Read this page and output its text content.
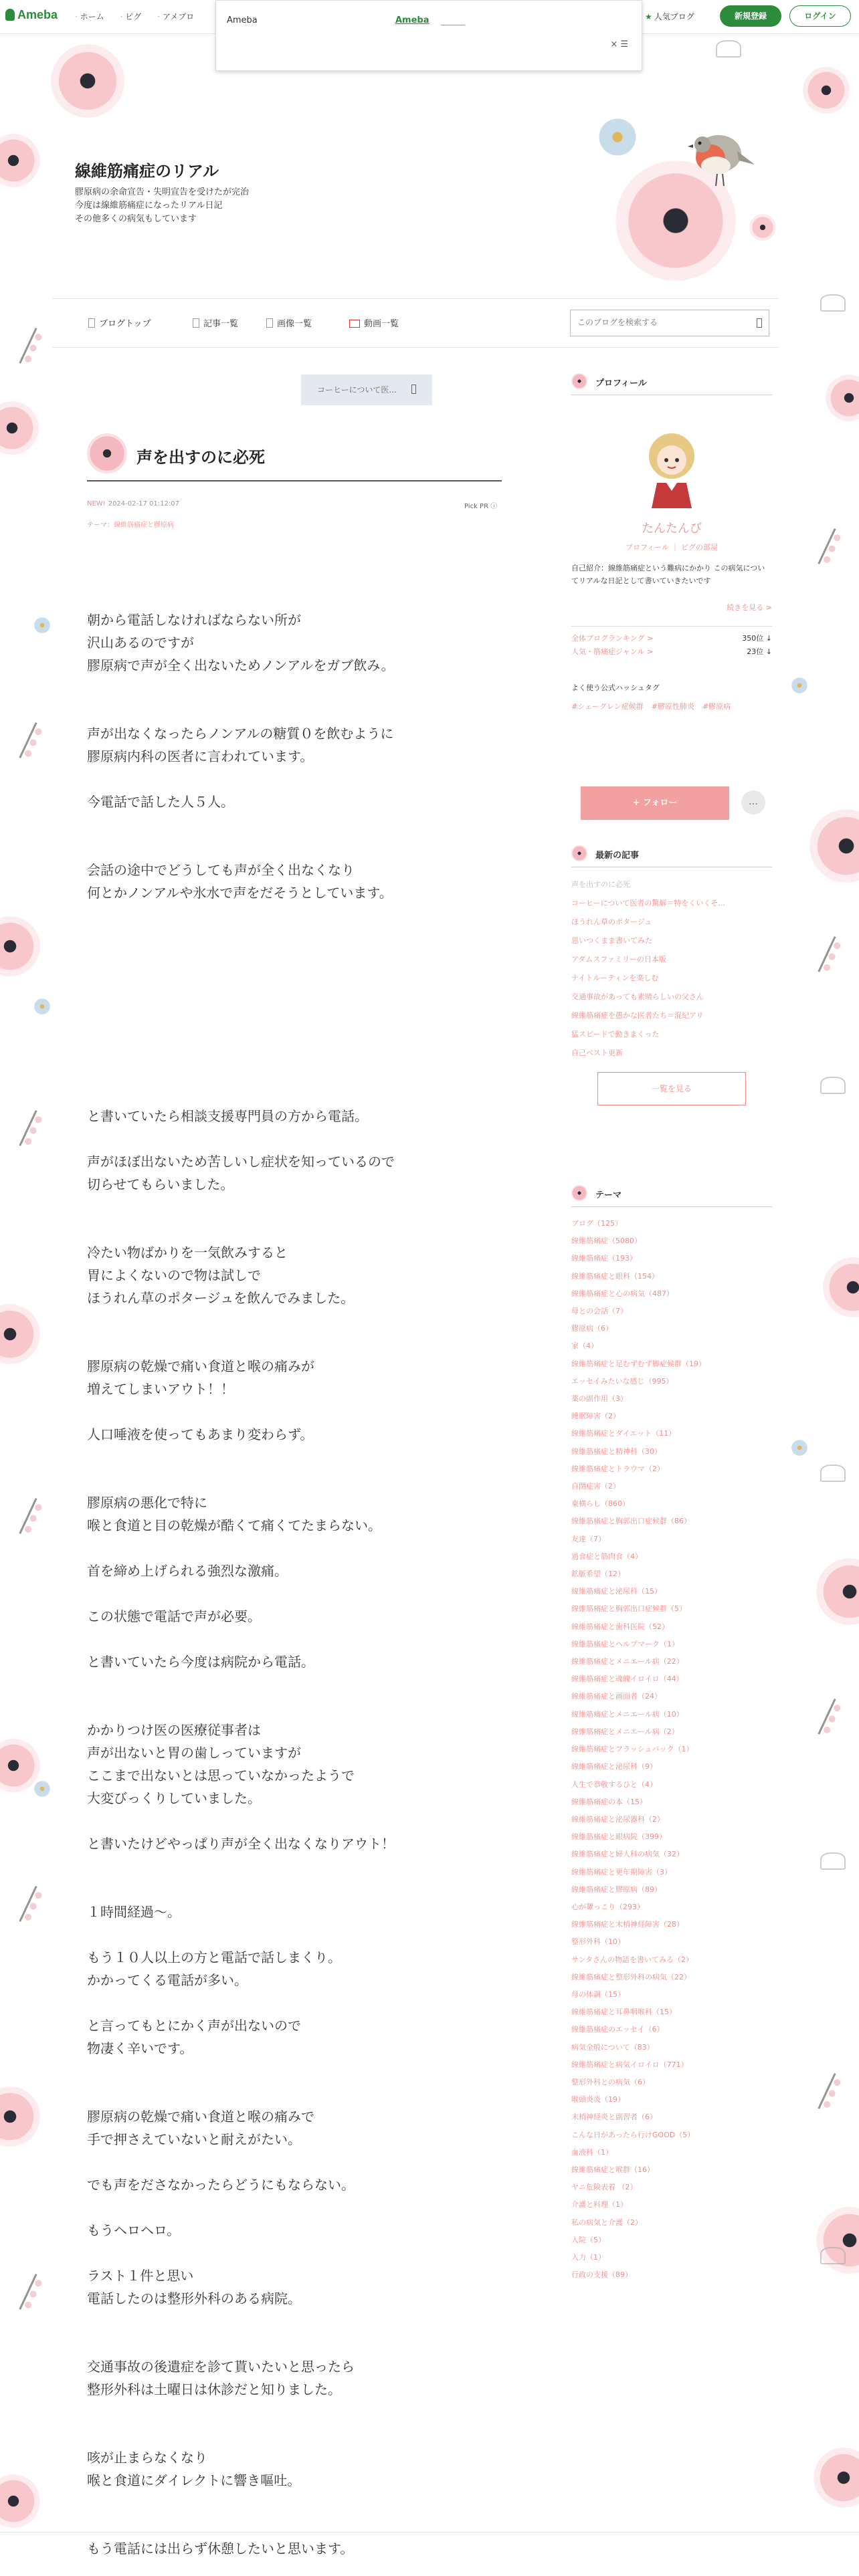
Ameba	· ホーム	· ピグ	· アメブロ	★ 人気ブログ	新規登録	ログイン
Ameba	Ameba
× ☰
線維筋痛症のリアル
膠原病の余命宣告・失明宣告を受けたが完治
今度は線維筋痛症になったリアル日記
その他多くの病気もしています
ブログトップ	記事一覧	画像一覧	動画一覧
このブログを検索する
コーヒーについて医...
声を出すのに必死
NEW! 2024-02-17 01:12:07	Pick PR ⓘ
テーマ：線維筋痛症と膠原病

朝から電話しなければならない所が

沢山あるのですが

膠原病で声が全く出ないためノンアルをガブ飲み。

声が出なくなったらノンアルの糖質０を飲むように

膠原病内科の医者に言われています。

今電話で話した人５人。

会話の途中でどうしても声が全く出なくなり

何とかノンアルや氷水で声をだそうとしています。

と書いていたら相談支援専門員の方から電話。

声がほぼ出ないため苦しいし症状を知っているので

切らせてもらいました。

冷たい物ばかりを一気飲みすると

胃によくないので物は試しで

ほうれん草のポタージュを飲んでみました。

膠原病の乾燥で痛い食道と喉の痛みが

増えてしまいアウト！！

人口唾液を使ってもあまり変わらず。

膠原病の悪化で特に

喉と食道と目の乾燥が酷くて痛くてたまらない。

首を締め上げられる強烈な激痛。

この状態で電話で声が必要。

と書いていたら今度は病院から電話。

かかりつけ医の医療従事者は

声が出ないと胃の歯しっていますが

ここまで出ないとは思っていなかったようで

大変びっくりしていました。

と書いたけどやっぱり声が全く出なくなりアウト！

１時間経過〜。

もう１０人以上の方と電話で話しまくり。

かかってくる電話が多い。

と言ってもとにかく声が出ないので

物凄く辛いです。

膠原病の乾燥で痛い食道と喉の痛みで

手で押さえていないと耐えがたい。

でも声をださなかったらどうにもならない。

もうヘロヘロ。

ラスト１件と思い

電話したのは整形外科のある病院。

交通事故の後遺症を診て貰いたいと思ったら

整形外科は土曜日は休診だと知りました。

咳が止まらなくなり

喉と食道にダイレクトに響き嘔吐。

もう電話には出らず休憩したいと思います。

プロフィール
たんたんび
プロフィール ｜ ピグの部屋
自己紹介：線維筋痛症という難病にかかり この病気についてリアルな日記として書いていきたいです
続きを見る >
全体ブログランキング >	350位 ↓
人気・筋痛症ジャンル >	23位 ↓
よく使う公式ハッシュタグ
#シェーグレン症候群 #膠原性肺炎 #膠原病
+ フォロー	…
最新の記事
声を出すのに必死
コーヒーについて医者の驚解＝特をくいくそ...
ほうれん草のポタージュ
思いつくまま書いてみた
アダムスファミリーの日本版
ナイトルーティンを楽しむ
交通事故があっても素晴らしいの父さん
線維筋痛症を愚かな医者たち＝混紀アリ
猛スピードで動きまくった
自己ベスト更新
一覧を見る
テーマ
ブログ（125）
線維筋痛症（5080）
線維筋痛症（193）
線維筋痛症と眼科（154）
線維筋痛症と心の病気（487）
母との会話（7）
膠原病（6）
家（4）
線維筋痛症と足むずむず脚症候群（19）
エッセイみたいな感じ（995）
薬の副作用（3）
睡眠障害（2）
線維筋痛症とダイエット（11）
線維筋痛症と精神科（30）
線維筋痛症とトラウマ（2）
自閉症害（2）
東横らし（860）
線維筋痛症と胸郭出口症候群（86）
友達（7）
過食症と筋肉食（4）
鉱脈希望（12）
線維筋痛症と泌尿科（15）
線維筋痛症と胸郭出口症候群（5）
線維筋痛症と歯科医院（52）
線維筋痛症とヘルプマーク（1）
線維筋痛症とメニエール病（22）
線維筋痛症と魂魄イロイロ（44）
線維筋痛症と画面者（24）
線維筋痛症とメニエール病（10）
線維筋痛症とメニエール病（2）
線維筋痛症とフラッシュバック（1）
線維筋痛症と泌尿科（9）
人生で恭敬するひと（4）
線維筋痛症の本（15）
線維筋痛症と泌尿器科（2）
線維筋痛症と眼病院（399）
線維筋痛症と婦人科の病気（32）
線維筋痛症と更年期障害（3）
線維筋痛症と膠原病（89）
心が顰っこり（293）
線維筋痛症と末梢神経障害（28）
整形外科（10）
サンタさんの物語を書いてみる（2）
線維筋痛症と整形外科の病気（22）
母の体調（15）
線維筋痛症と耳鼻咽喉科（15）
線維筋痛症のエッセイ（6）
病気全般について（83）
線維筋痛症と病気イロイロ（771）
整形外科との病気（6）
喉頭炎炎（19）
末梢神経炎と副習者（6）
こんな日があったら行けGOOD（5）
血液科（1）
線維筋痛症と喉群（16）
ヤニ危険表着 （2）
介護と料理（1）
私の病気と介護（2）
入院（5）
入力（1）
行政の支援（89）
